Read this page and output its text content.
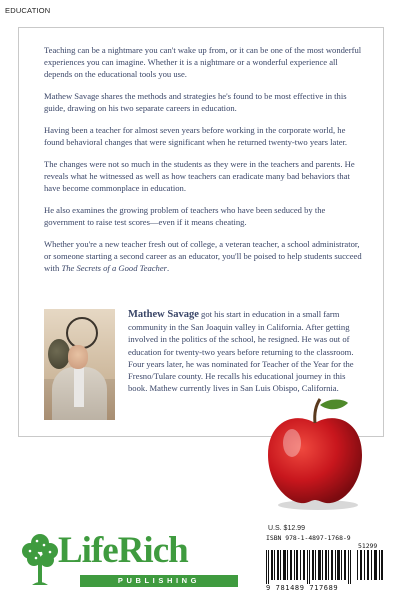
EDUCATION

Teaching can be a nightmare you can't wake up from, or it can be one of the most wonderful experiences you can imagine. Whether it is a nightmare or a wonderful experience all depends on the educational tools you use.

Mathew Savage shares the methods and strategies he's found to be most effective in this guide, drawing on his two separate careers in education.

Having been a teacher for almost seven years before working in the corporate world, he found behavioral changes that were significant when he returned twenty-two years later.

The changes were not so much in the students as they were in the teachers and parents. He reveals what he witnessed as well as how teachers can eradicate many bad behaviors that have become commonplace in education.

He also examines the growing problem of teachers who have been seduced by the government to raise test scores—even if it means cheating.

Whether you're a new teacher fresh out of college, a veteran teacher, a school administrator, or someone starting a second career as an educator, you'll be poised to help students succeed with The Secrets of a Good Teacher.

Mathew Savage got his start in education in a small farm community in the San Joaquin valley in California. After getting involved in the politics of the school, he resigned. He was out of education for twenty-two years before returning to the classroom. Four years later, he was nominated for Teacher of the Year for the Fresno/Tulare county. He recalls his educational journey in this book. Mathew currently lives in San Luis Obispo, California.
U.S. $12.99
ISBN 978-1-4897-1768-9
51299
9 781489 717689
LifeRich
PUBLISHING
